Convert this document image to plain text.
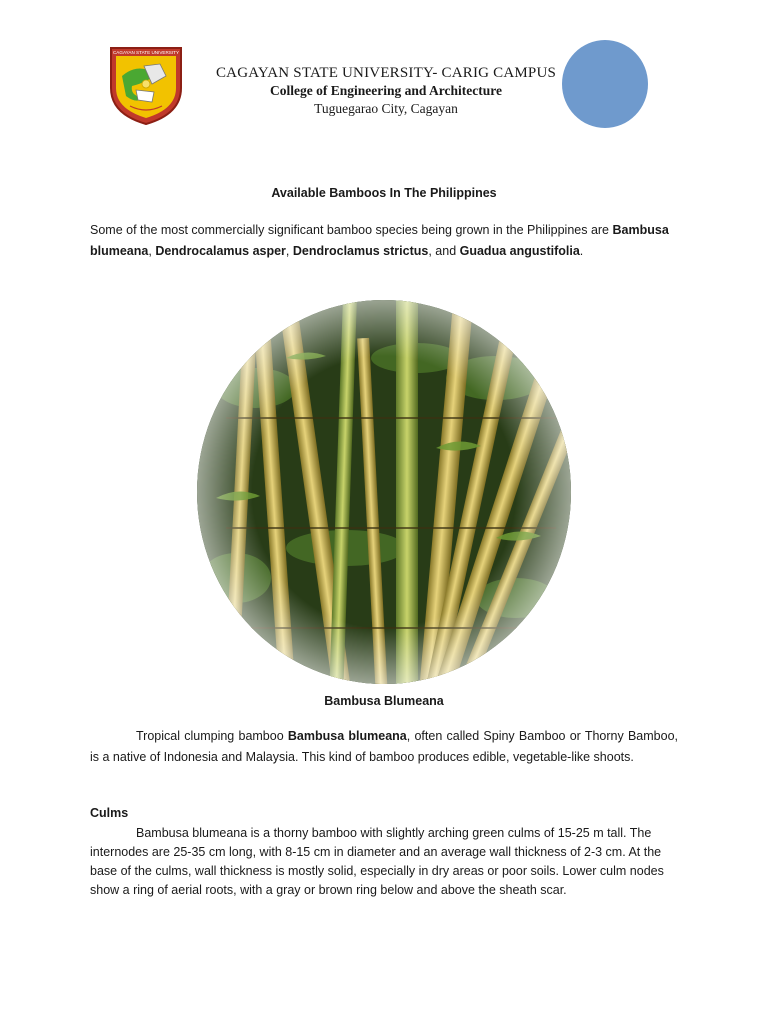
CAGAYAN STATE UNIVERSITY

CAGAYAN STATE UNIVERSITY- CARIG CAMPUS

College of Engineering and Architecture

Tuguegarao City, Cagayan

Available Bamboos In The Philippines
Some of the most commercially significant bamboo species being grown in the Philippines are Bambusa blumeana, Dendrocalamus asper, Dendroclamus strictus, and Guadua angustifolia.
Bambusa Blumeana
Tropical clumping bamboo Bambusa blumeana, often called Spiny Bamboo or Thorny Bamboo, is a native of Indonesia and Malaysia. This kind of bamboo produces edible, vegetable-like shoots.
Culms
Bambusa blumeana is a thorny bamboo with slightly arching green culms of 15-25 m tall. The internodes are 25-35 cm long, with 8-15 cm in diameter and an average wall thickness of 2-3 cm. At the base of the culms, wall thickness is mostly solid, especially in dry areas or poor soils. Lower culm nodes show a ring of aerial roots, with a gray or brown ring below and above the sheath scar.
